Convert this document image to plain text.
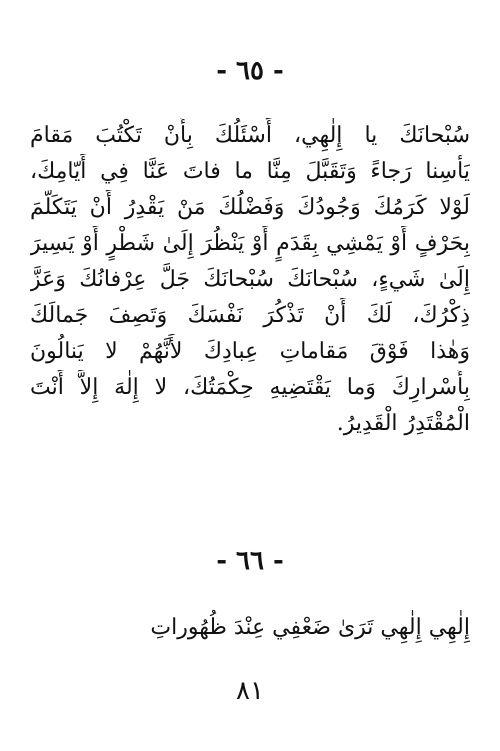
- ٦٥ -
سُبْحانَكَ يا إِلٰهِي، أَسْئَلُكَ بِأَنْ تَكْتُبَ مَقامَ
يَأْسِنا رَجاءً وَتَقَبَّلَ مِنَّا ما فاتَ عَنَّا فِي أَيّامِكَ،
لَوْلا كَرَمُكَ وَجُودُكَ وَفَضْلُكَ مَنْ يَقْدِرُ أَنْ يَتَكَلَّمَ
بِحَرْفٍ أَوْ يَمْشِي بِقَدَمٍ أَوْ يَنْظُرَ إِلَىٰ شَطْرٍ أَوْ يَسِيرَ
إِلَىٰ شَيءٍ، سُبْحانَكَ سُبْحانَكَ جَلَّ عِرْفانُكَ وَعَزَّ
ذِكْرُكَ، لَكَ أَنْ تَذْكُرَ نَفْسَكَ وَتَصِفَ جَمالَكَ
وَهٰذا فَوْقَ مَقاماتِ عِبادِكَ لأَنَّهُمْ لا يَنالُونَ
بِأَسْرارِكَ وَما يَقْتَضِيهِ حِكْمَتُكَ، لا إِلٰهَ إِلاَّ أَنْتَ
الْمُقْتَدِرُ الْقَدِيرُ.
- ٦٦ -
إِلٰهِي إِلٰهِي تَرَىٰ ضَعْفِي عِنْدَ ظُهُوراتِ
٨١
